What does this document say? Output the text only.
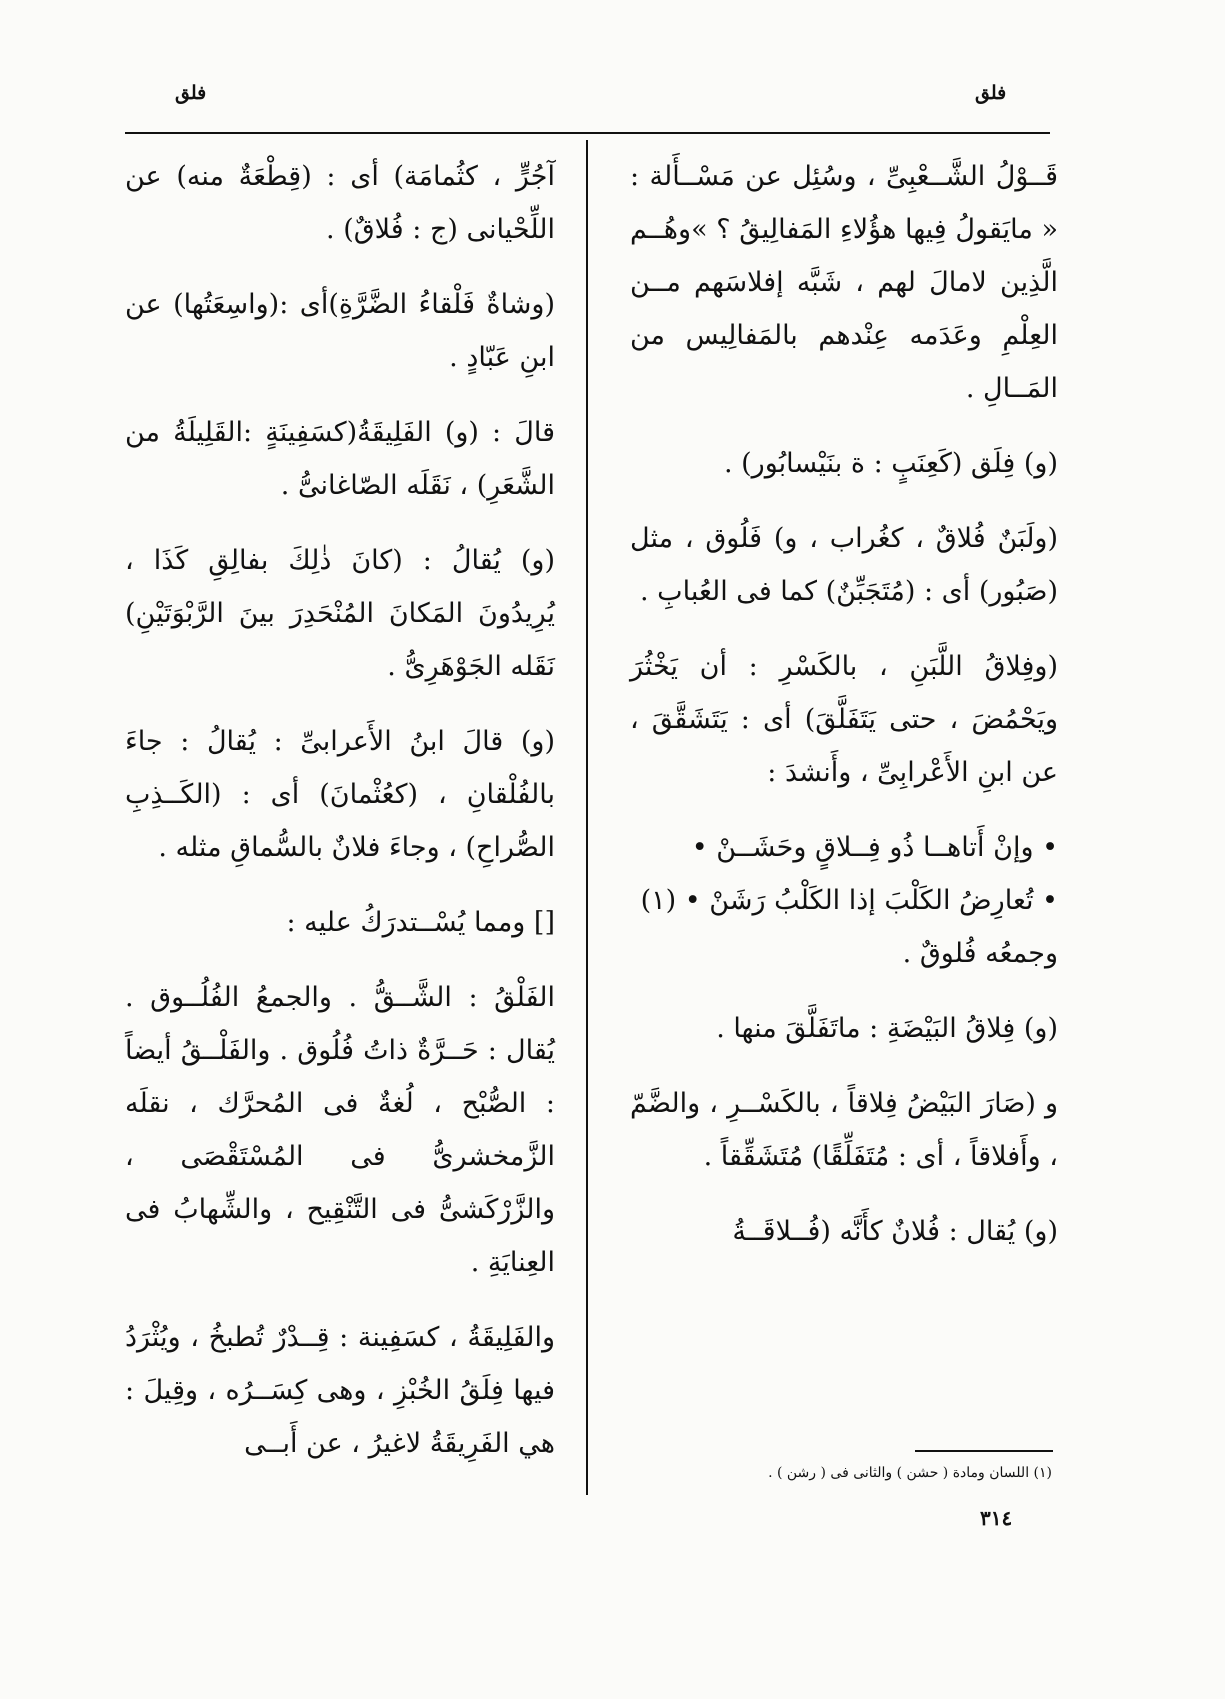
فلق	فلق

قَــوْلُ الشَّــعْبِىِّ ، وسُئِل عن مَسْــأَلة : « مايَقولُ فِيها هؤُلاءِ المَفالِيقُ ؟ »وهُــم الَّذِين لامالَ لهم ، شَبَّه إفلاسَهم مــن العِلْمِ وعَدَمه عِنْدهم بالمَفالِيس من المَــالِ .

(و) فِلَق (كَعِنَبٍ : ة بنَيْسابُور) .

(ولَبَنٌ فُلاقٌ ، كغُراب ، و) فَلُوق ، مثل (صَبُور) أى : (مُتَجَبِّنٌ) كما فى العُبابِ .

(وفِلاقُ اللَّبَنِ ، بالكَسْرِ : أن يَخْثُرَ ويَحْمُضَ ، حتى يَتَفَلَّقَ) أى : يَتَشَقَّقَ ، عن ابنِ الأَعْرابِىِّ ، وأَنشدَ :

• وإنْ أَتاهــا ذُو فِــلاقٍ وحَشَــنْ •
• تُعارِضُ الكَلْبَ إذا الكَلْبُ رَشَنْ • (١)

وجمعُه فُلوقٌ .

(و) فِلاقُ البَيْضَةِ : ماتَفَلَّقَ منها .

و (صَارَ البَيْضُ فِلاقاً ، بالكَسْــرِ ، والضَّمّ ، وأَفلاقاً ، أى : مُتَفَلِّقًا) مُتَشَقِّقاً .

(و) يُقال : فُلانٌ كأَنَّه (فُــلاقَــةُ

آجُرٍّ ، كثُمامَة) أى : (قِطْعَةٌ منه) عن اللِّحْيانى (ج : فُلاقٌ) .

(وشاةٌ فَلْقاءُ الضَّرَّةِ)أى :(واسِعَتُها) عن ابنِ عَبّادٍ .

قالَ : (و) الفَلِيقَةُ(كسَفِينَةٍ :القَلِيلَةُ من الشَّعَرِ) ، نَقَلَه الصّاغانىُّ .

(و) يُقالُ : (كانَ ذٰلِكَ بفالِقِ كَذَا ، يُرِيدُونَ المَكانَ المُنْحَدِرَ بينَ الرَّبْوَتَيْنِ) نَقَله الجَوْهَرِىُّ .

(و) قالَ ابنُ الأَعرابىِّ : يُقالُ : جاءَ بالفُلْقانِ ، (كعُثْمانَ) أى : (الكَــذِبِ الصُّراحِ) ، وجاءَ فلانٌ بالسُّماقِ مثله .

[] ومما يُسْــتدرَكُ عليه :

الفَلْقُ : الشَّــقُّ . والجمعُ الفُلُــوق . يُقال : حَــرَّةٌ ذاتُ فُلُوق . والفَلْــقُ أيضاً : الصُّبْح ، لُغةٌ فى المُحرَّك ، نقلَه الزَّمخشرىُّ فى المُسْتَقْصَى ، والزَّرْكَشىُّ فى التَّنْقِيح ، والشِّهابُ فى العِنايَةِ .

والفَلِيقَةُ ، كسَفِينة : قِــدْرٌ تُطبخُ ، ويُثْرَدُ فيها فِلَقُ الخُبْزِ ، وهى كِسَــرُه ، وقِيلَ : هي الفَرِيقَةُ لاغيرُ ، عن أَبــى

(١) اللسان ومادة ( حشن ) والثانى فى ( رشن ) .
٣١٤
